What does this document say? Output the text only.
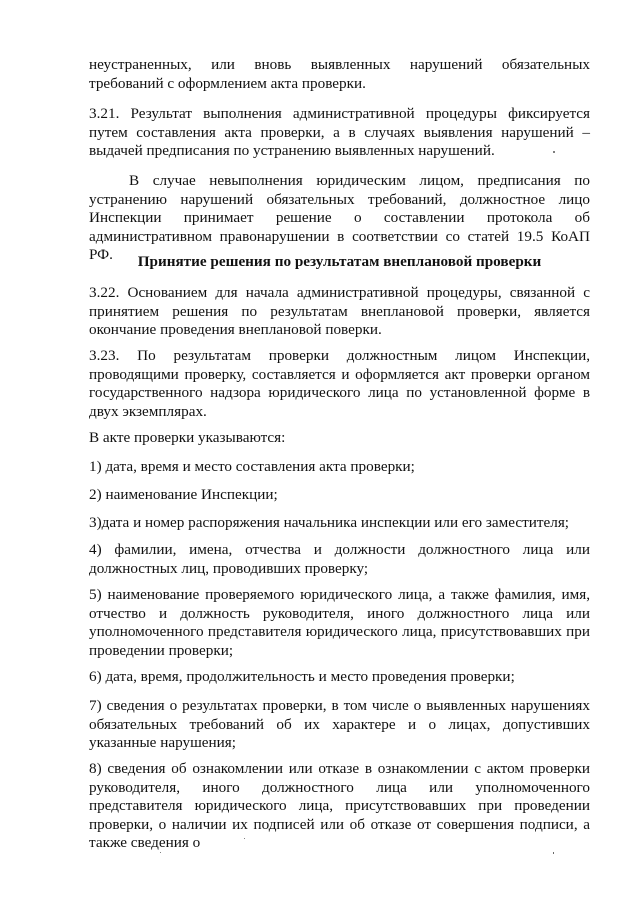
неустраненных, или вновь выявленных нарушений обязательных требований с оформлением акта проверки.

3.21. Результат выполнения административной процедуры фиксируется путем составления акта проверки, а в случаях выявления нарушений – выдачей предписания по устранению выявленных нарушений.

В случае невыполнения юридическим лицом, предписания по устранению нарушений обязательных требований, должностное лицо Инспекции принимает решение о составлении протокола об административном правонарушении в соответствии со статей 19.5 КоАП РФ.	Принятие решения по результатам внеплановой проверки

3.22. Основанием для начала административной процедуры, связанной с принятием решения по результатам внеплановой проверки, является окончание проведения внеплановой поверки.

3.23. По результатам проверки должностным лицом Инспекции, проводящими проверку, составляется и оформляется акт проверки органом государственного надзора юридического лица по установленной форме в двух экземплярах.

В акте проверки указываются:

1) дата, время и место составления акта проверки;

2) наименование Инспекции;

3)дата и номер распоряжения начальника инспекции или его заместителя;

4) фамилии, имена, отчества и должности должностного лица или должностных лиц, проводивших проверку;

5) наименование проверяемого юридического лица, а также фамилия, имя, отчество и должность руководителя, иного должностного лица или уполномоченного представителя юридического лица, присутствовавших при проведении проверки;

6) дата, время, продолжительность и место проведения проверки;

7) сведения о результатах проверки, в том числе о выявленных нарушениях обязательных требований об их характере и о лицах, допустивших указанные нарушения;

8) сведения об ознакомлении или отказе в ознакомлении с актом проверки руководителя, иного должностного лица или уполномоченного представителя юридического лица, присутствовавших при проведении проверки, о наличии их подписей или об отказе от совершения подписи, а также сведения о
